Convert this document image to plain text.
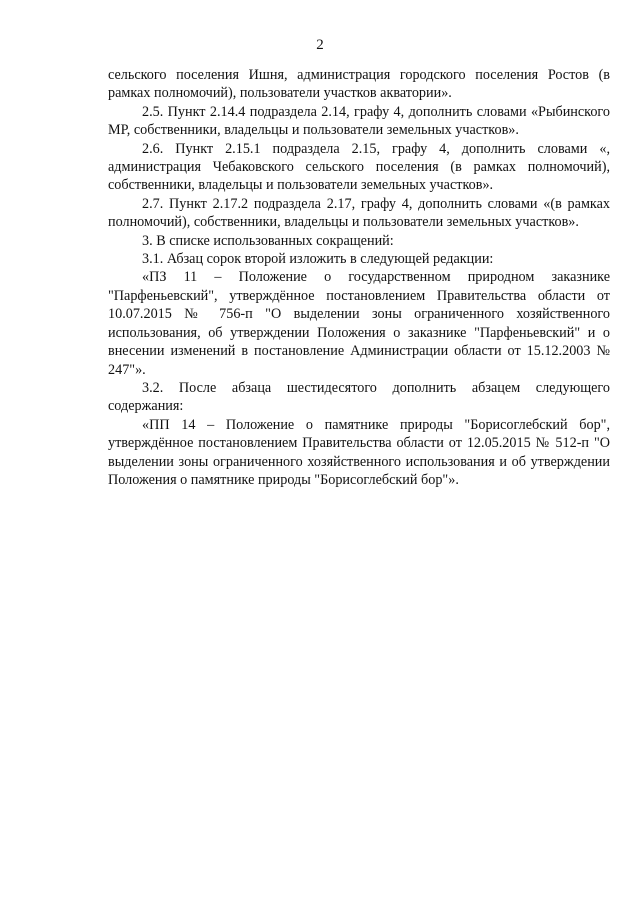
2

сельского поселения Ишня, администрация городского поселения Ростов (в рамках полномочий), пользователи участков акватории».

2.5. Пункт 2.14.4 подраздела 2.14, графу 4, дополнить словами «Рыбинского МР, собственники, владельцы и пользователи земельных участков».

2.6. Пункт 2.15.1 подраздела 2.15, графу 4, дополнить словами «, администрация Чебаковского сельского поселения (в рамках полномочий), собственники, владельцы и пользователи земельных участков».

2.7. Пункт 2.17.2 подраздела 2.17, графу 4, дополнить словами «(в рамках полномочий), собственники, владельцы и пользователи земельных участков».

3. В списке использованных сокращений:

3.1. Абзац сорок второй изложить в следующей редакции:

«ПЗ 11 – Положение о государственном природном заказнике "Парфеньевский", утверждённое постановлением Правительства области от 10.07.2015 № 756-п "О выделении зоны ограниченного хозяйственного использования, об утверждении Положения о заказнике "Парфеньевский" и о внесении изменений в постановление Администрации области от 15.12.2003 № 247"».

3.2. После абзаца шестидесятого дополнить абзацем следующего содержания:

«ПП 14 – Положение о памятнике природы "Борисоглебский бор", утверждённое постановлением Правительства области от 12.05.2015 № 512-п "О выделении зоны ограниченного хозяйственного использования и об утверждении Положения о памятнике природы "Борисоглебский бор"».
